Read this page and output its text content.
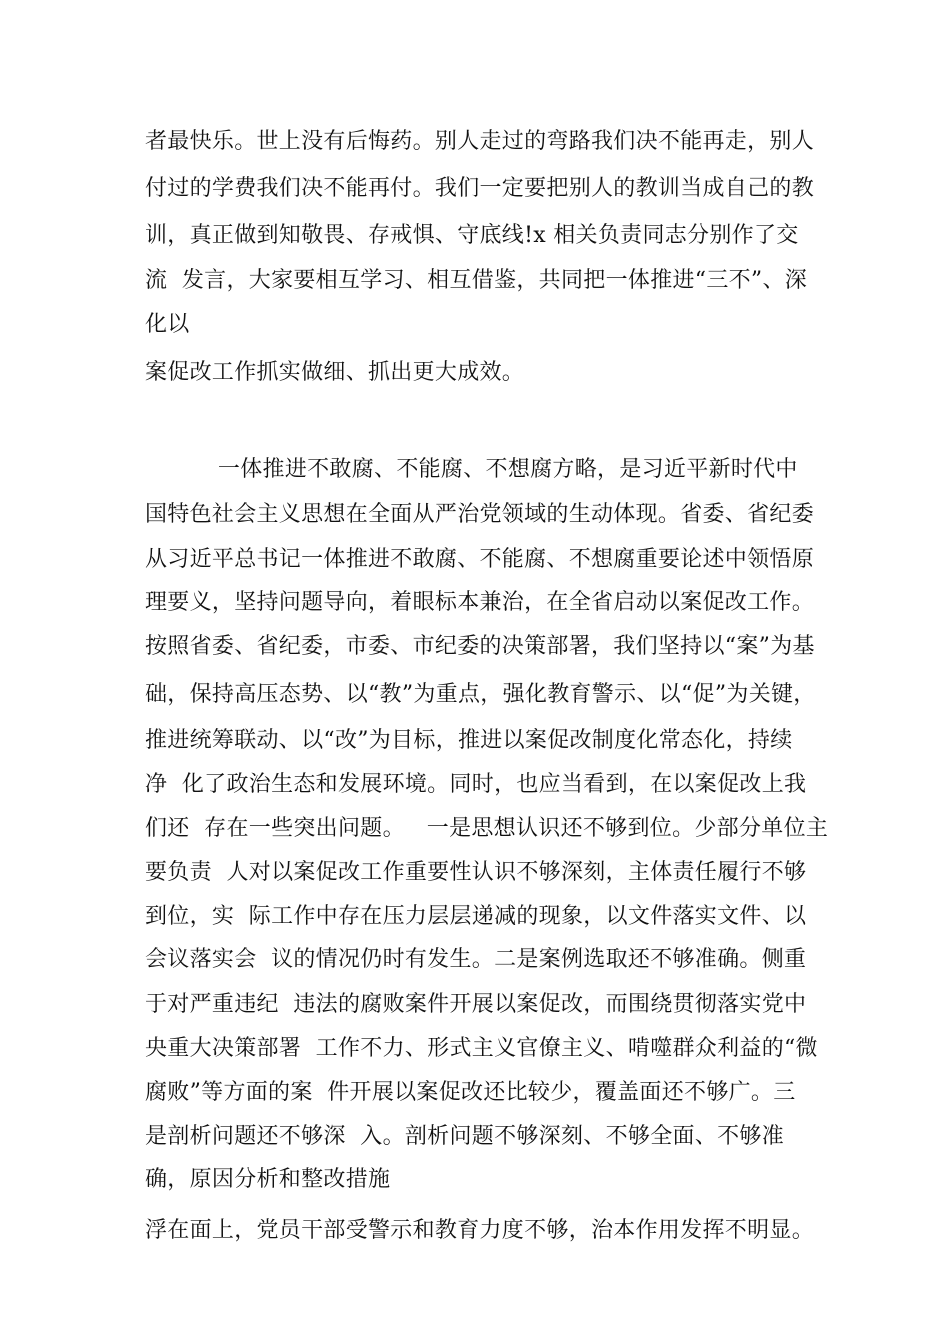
者最快乐。世上没有后悔药。别人走过的弯路我们决不能再走，别人
付过的学费我们决不能再付。我们一定要把别人的教训当成自己的教
训，真正做到知敬畏、存戒惧、守底线!x 相关负责同志分别作了交
流  发言，大家要相互学习、相互借鉴，共同把一体推进“三不”、深
化以
案促改工作抓实做细、抓出更大成效。
一体推进不敢腐、不能腐、不想腐方略，是习近平新时代中
国特色社会主义思想在全面从严治党领域的生动体现。省委、省纪委
从习近平总书记一体推进不敢腐、不能腐、不想腐重要论述中领悟原
理要义，坚持问题导向，着眼标本兼治，在全省启动以案促改工作。
按照省委、省纪委，市委、市纪委的决策部署，我们坚持以“案”为基
础，保持高压态势、以“教”为重点，强化教育警示、以“促”为关键，
推进统筹联动、以“改”为目标，推进以案促改制度化常态化，持续
净  化了政治生态和发展环境。同时，也应当看到，在以案促改上我
们还  存在一些突出问题。   一是思想认识还不够到位。少部分单位主
要负责  人对以案促改工作重要性认识不够深刻，主体责任履行不够
到位，实  际工作中存在压力层层递减的现象，以文件落实文件、以
会议落实会  议的情况仍时有发生。二是案例选取还不够准确。侧重
于对严重违纪  违法的腐败案件开展以案促改，而围绕贯彻落实党中
央重大决策部署  工作不力、形式主义官僚主义、啃噬群众利益的“微
腐败”等方面的案  件开展以案促改还比较少，覆盖面还不够广。三
是剖析问题还不够深  入。剖析问题不够深刻、不够全面、不够准
确，原因分析和整改措施
浮在面上，党员干部受警示和教育力度不够，治本作用发挥不明显。
